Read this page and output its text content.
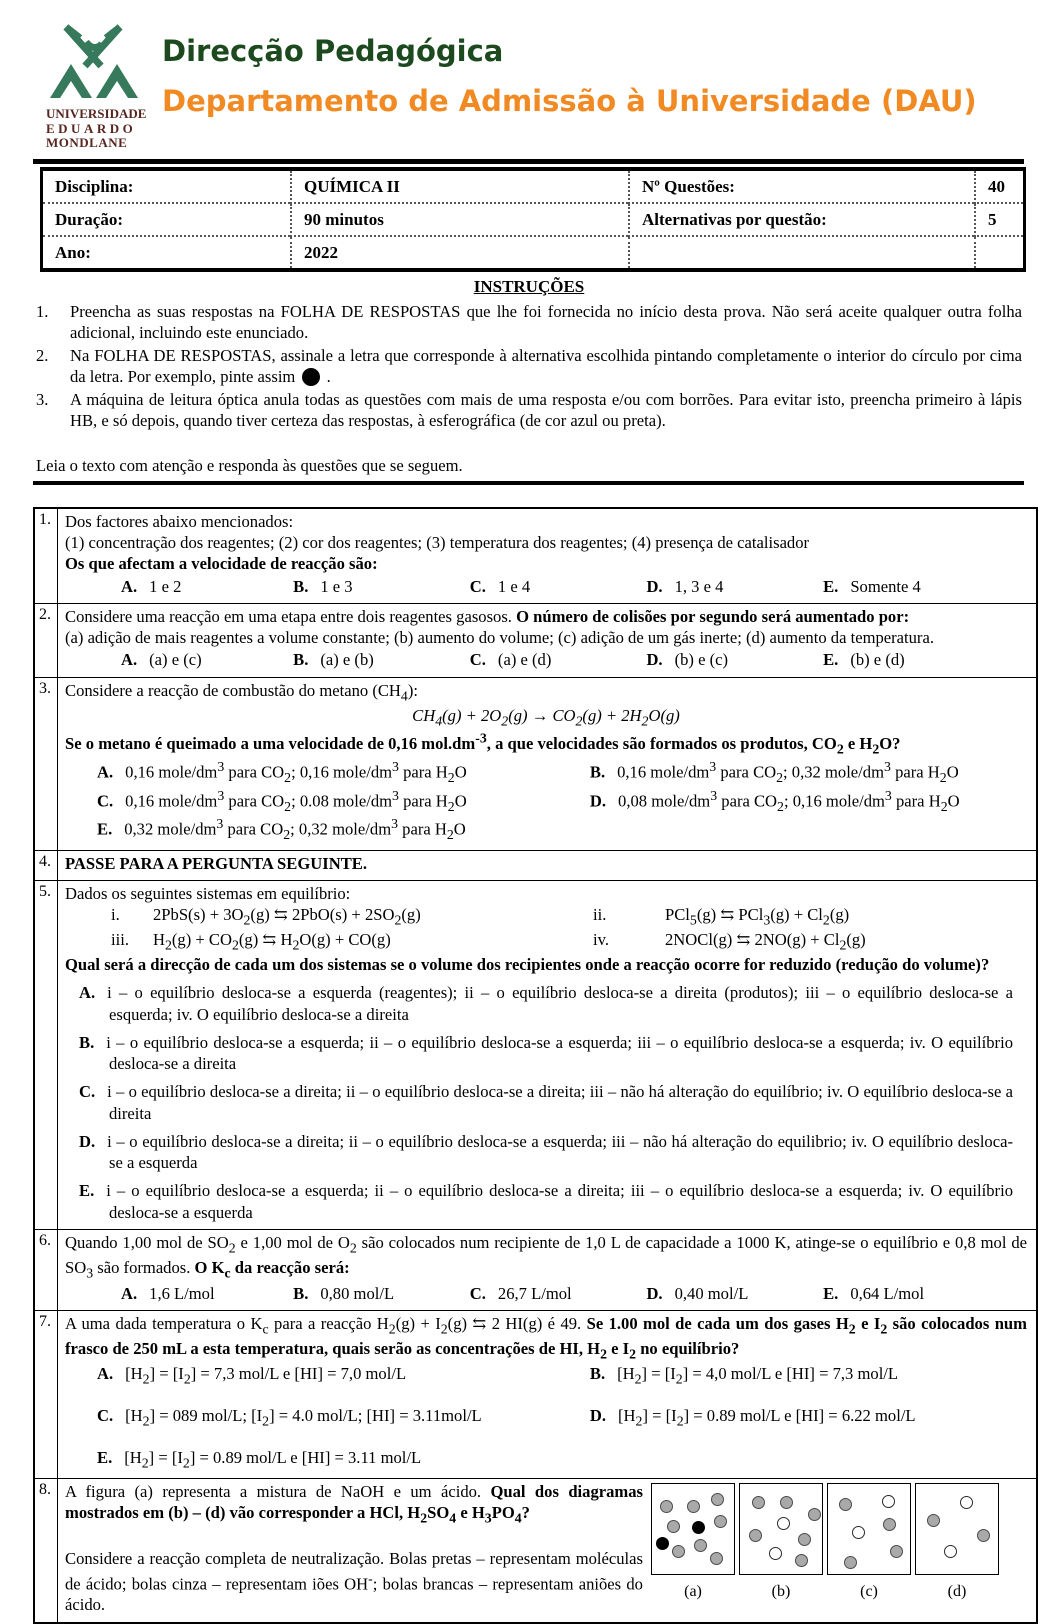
UNIVERSIDADE
EDUARDO
MONDLANE
Direcção Pedagógica
Departamento de Admissão à Universidade (DAU)
Disciplina:	QUÍMICA II	Nº Questões:	40
Duração:	90 minutos	Alternativas por questão:	5
Ano:	2022
INSTRUÇÕES
1.	Preencha as suas respostas na FOLHA DE RESPOSTAS que lhe foi fornecida no início desta prova. Não será aceite qualquer outra folha adicional, incluindo este enunciado.
2.	Na FOLHA DE RESPOSTAS, assinale a letra que corresponde à alternativa escolhida pintando completamente o interior do círculo por cima da letra. Por exemplo, pinte assim  .
3.	A máquina de leitura óptica anula todas as questões com mais de uma resposta e/ou com borrões. Para evitar isto, preencha primeiro à lápis HB, e só depois, quando tiver certeza das respostas, à esferográfica (de cor azul ou preta).
Leia o texto com atenção e responda às questões que se seguem.
1. Dos factores abaixo mencionados:
(1) concentração dos reagentes; (2) cor dos reagentes; (3) temperatura dos reagentes; (4) presença de catalisador
Os que afectam a velocidade de reacção são:
A. 1 e 2	B. 1 e 3	C. 1 e 4	D. 1, 3 e 4	E. Somente 4
2. Considere uma reacção em uma etapa entre dois reagentes gasosos. O número de colisões por segundo será aumentado por:
(a) adição de mais reagentes a volume constante; (b) aumento do volume; (c) adição de um gás inerte; (d) aumento da temperatura.
A. (a) e (c)	B. (a) e (b)	C. (a) e (d)	D. (b) e (c)	E. (b) e (d)
3. Considere a reacção de combustão do metano $(CH_4)$:
$CH_4(g) + 2O_2(g) \to CO_2(g) + 2H_2O(g)$
Se o metano é queimado a uma velocidade de 0,16 $mol.dm^{-3}$, a que velocidades são formados os produtos, $CO_2$ e $H_2O$?
A. 0,16 mole/$dm^3$ para $CO_2$; 0,16 mole/$dm^3$ para $H_2O$	B. 0,16 mole/$dm^3$ para $CO_2$; 0,32 mole/$dm^3$ para $H_2O$
C. 0,16 mole/$dm^3$ para $CO_2$; 0.08 mole/$dm^3$ para $H_2O$	D. 0,08 mole/$dm^3$ para $CO_2$; 0,16 mole/$dm^3$ para $H_2O$
E. 0,32 mole/$dm^3$ para $CO_2$; 0,32 mole/$dm^3$ para $H_2O$
4. PASSE PARA A PERGUNTA SEGUINTE.
5. Dados os seguintes sistemas em equilíbrio:
i.	$2PbS(s) + 3O_2(g)$ ⇆ $2PbO(s) + 2SO_2(g)$	ii.	PCl$_5$(g) ⇆ $PCl_3(g) + Cl_2(g)$
iii.	$H_2(g) + CO_2(g)$ ⇆ $H_2O(g) + CO(g)$	iv.	2NOCl(g) ⇆ $2NO(g) + Cl_2(g)$
Qual será a direcção de cada um dos sistemas se o volume dos recipientes onde a reacção ocorre for reduzido (redução do volume)?
A. i – o equilíbrio desloca-se a esquerda (reagentes); ii – o equilíbrio desloca-se a direita (produtos); iii – o equilíbrio desloca-se a esquerda; iv. O equilíbrio desloca-se a direita
B. i – o equilíbrio desloca-se a esquerda; ii – o equilíbrio desloca-se a esquerda; iii – o equilíbrio desloca-se a esquerda; iv. O equilíbrio desloca-se a direita
C. i – o equilíbrio desloca-se a direita; ii – o equilíbrio desloca-se a direita; iii – não há alteração do equilíbrio; iv. O equilíbrio desloca-se a direita
D. i – o equilíbrio desloca-se a direita; ii – o equilíbrio desloca-se a esquerda; iii – não há alteração do equilibrio; iv. O equilíbrio desloca-se a esquerda
E. i – o equilíbrio desloca-se a esquerda; ii – o equilíbrio desloca-se a direita; iii – o equilíbrio desloca-se a esquerda; iv. O equilíbrio desloca-se a esquerda
6. Quando 1,00 mol de $SO_2$ e 1,00 mol de $O_2$ são colocados num recipiente de 1,0 L de capacidade a 1000 K, atinge-se o equilíbrio e 0,8 mol de $SO_3$ são formados. O $K_c$ da reacção será:
A. 1,6 L/mol	B. 0,80 mol/L	C. 26,7 L/mol	D. 0,40 mol/L	E. 0,64 L/mol
7. A uma dada temperatura o $K_c$ para a reacção $H_2(g) + I_2(g)$ ⇆ 2 HI(g) é 49. Se 1.00 mol de cada um dos gases $H_2$ e $I_2$ são colocados num frasco de 250 mL a esta temperatura, quais serão as concentrações de HI, $H_2$ e $I_2$ no equilíbrio?
A. $[H_2] = [I_2] = 7,3$ mol/L e [HI] = 7,0 mol/L	B. $[H_2] = [I_2] = 4,0$ mol/L e [HI] = 7,3 mol/L
C. $[H_2] = 089$ mol/L; $[I_2] = 4.0$ mol/L; [HI] = 3.11mol/L	D. $[H_2] = [I_2] = 0.89$ mol/L e [HI] = 6.22 mol/L
E. $[H_2] = [I_2] = 0.89$ mol/L e [HI] = 3.11 mol/L
8. A figura (a) representa a mistura de NaOH e um ácido. Qual dos diagramas mostrados em (b) – (d) vão corresponder a HCl, $H_2SO_4$ e $H_3PO_4$?
Considere a reacção completa de neutralização. Bolas pretas – representam moléculas de ácido; bolas cinza – representam iões OH-; bolas brancas – representam aniões do ácido.
(a)	(b)	(c)	(d)
